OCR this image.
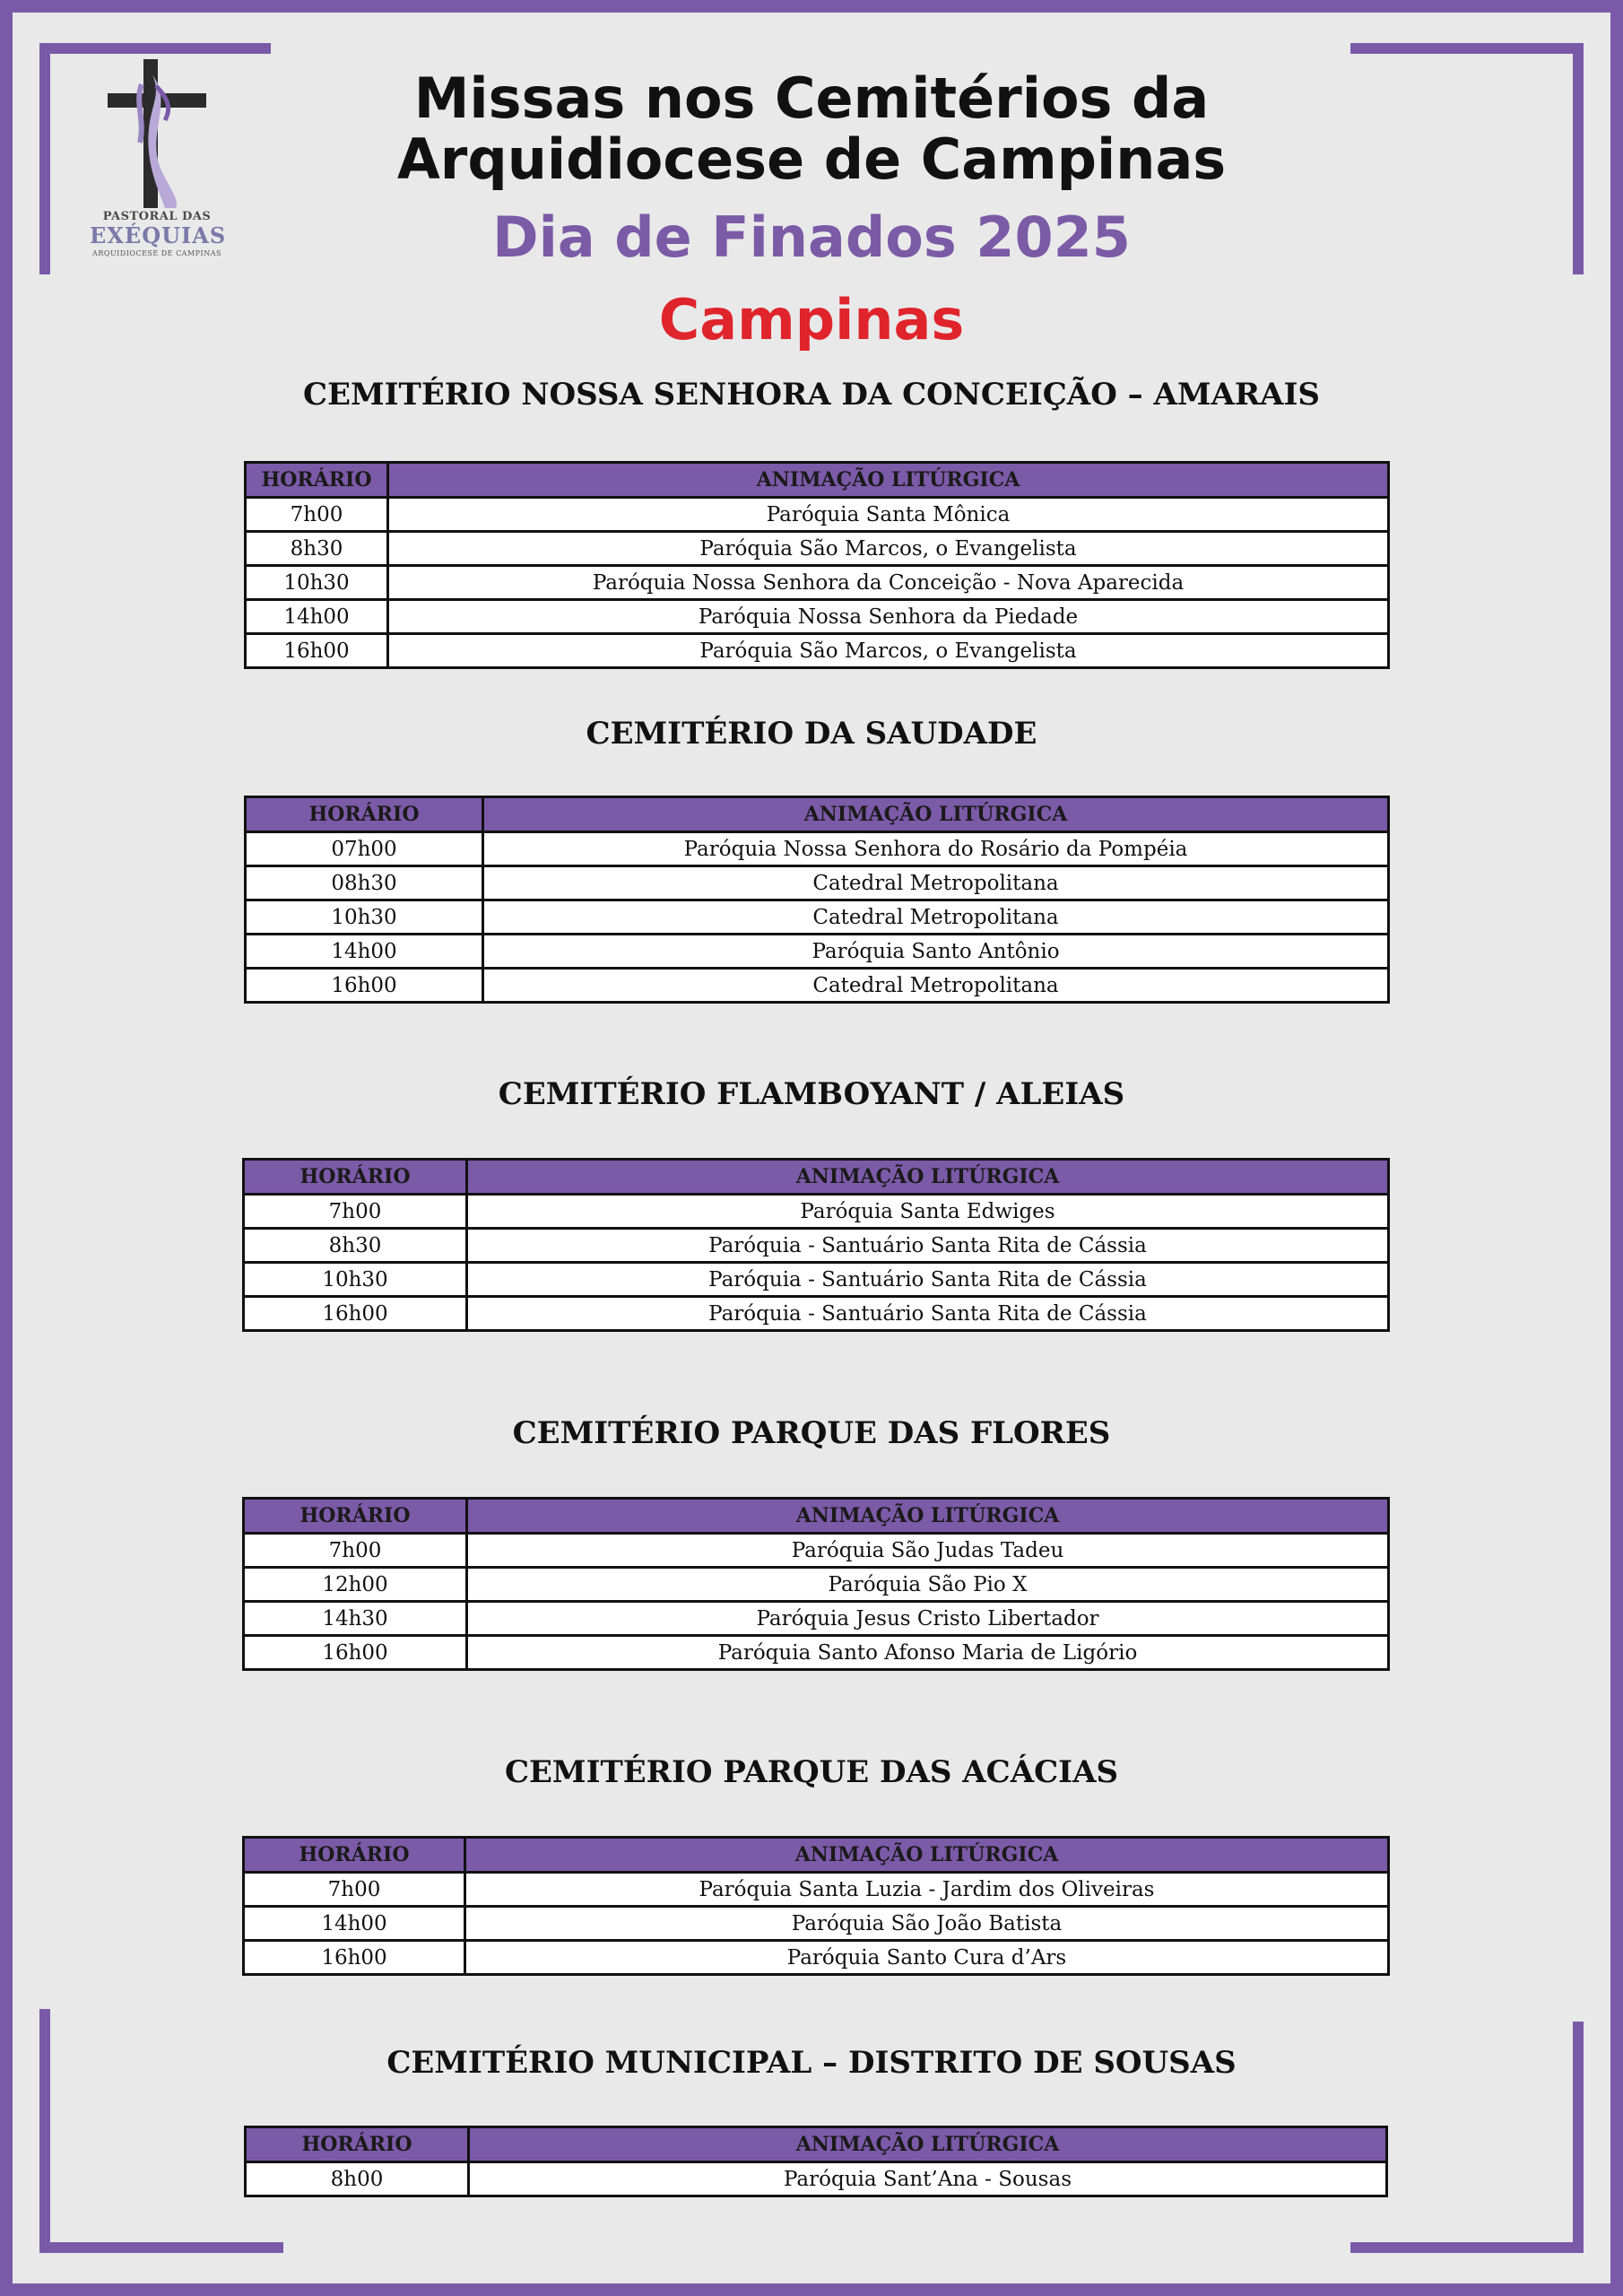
PASTORAL DAS
EXÉQUIAS
ARQUIDIOCESE DE CAMPINAS
Missas nos Cemitérios da
Arquidiocese de Campinas
Dia de Finados 2025
Campinas
CEMITÉRIO NOSSA SENHORA DA CONCEIÇÃO – AMARAIS
HORÁRIO	ANIMAÇÃO LITÚRGICA
7h00	Paróquia Santa Mônica
8h30	Paróquia São Marcos, o Evangelista
10h30	Paróquia Nossa Senhora da Conceição - Nova Aparecida
14h00	Paróquia Nossa Senhora da Piedade
16h00	Paróquia São Marcos, o Evangelista
CEMITÉRIO DA SAUDADE
HORÁRIO	ANIMAÇÃO LITÚRGICA
07h00	Paróquia Nossa Senhora do Rosário da Pompéia
08h30	Catedral Metropolitana
10h30	Catedral Metropolitana
14h00	Paróquia Santo Antônio
16h00	Catedral Metropolitana
CEMITÉRIO FLAMBOYANT / ALEIAS
HORÁRIO	ANIMAÇÃO LITÚRGICA
7h00	Paróquia Santa Edwiges
8h30	Paróquia - Santuário Santa Rita de Cássia
10h30	Paróquia - Santuário Santa Rita de Cássia
16h00	Paróquia - Santuário Santa Rita de Cássia
CEMITÉRIO PARQUE DAS FLORES
HORÁRIO	ANIMAÇÃO LITÚRGICA
7h00	Paróquia São Judas Tadeu
12h00	Paróquia São Pio X
14h30	Paróquia Jesus Cristo Libertador
16h00	Paróquia Santo Afonso Maria de Ligório
CEMITÉRIO PARQUE DAS ACÁCIAS
HORÁRIO	ANIMAÇÃO LITÚRGICA
7h00	Paróquia Santa Luzia - Jardim dos Oliveiras
14h00	Paróquia São João Batista
16h00	Paróquia Santo Cura d’Ars
CEMITÉRIO MUNICIPAL – DISTRITO DE SOUSAS
HORÁRIO	ANIMAÇÃO LITÚRGICA
8h00	Paróquia Sant’Ana - Sousas
